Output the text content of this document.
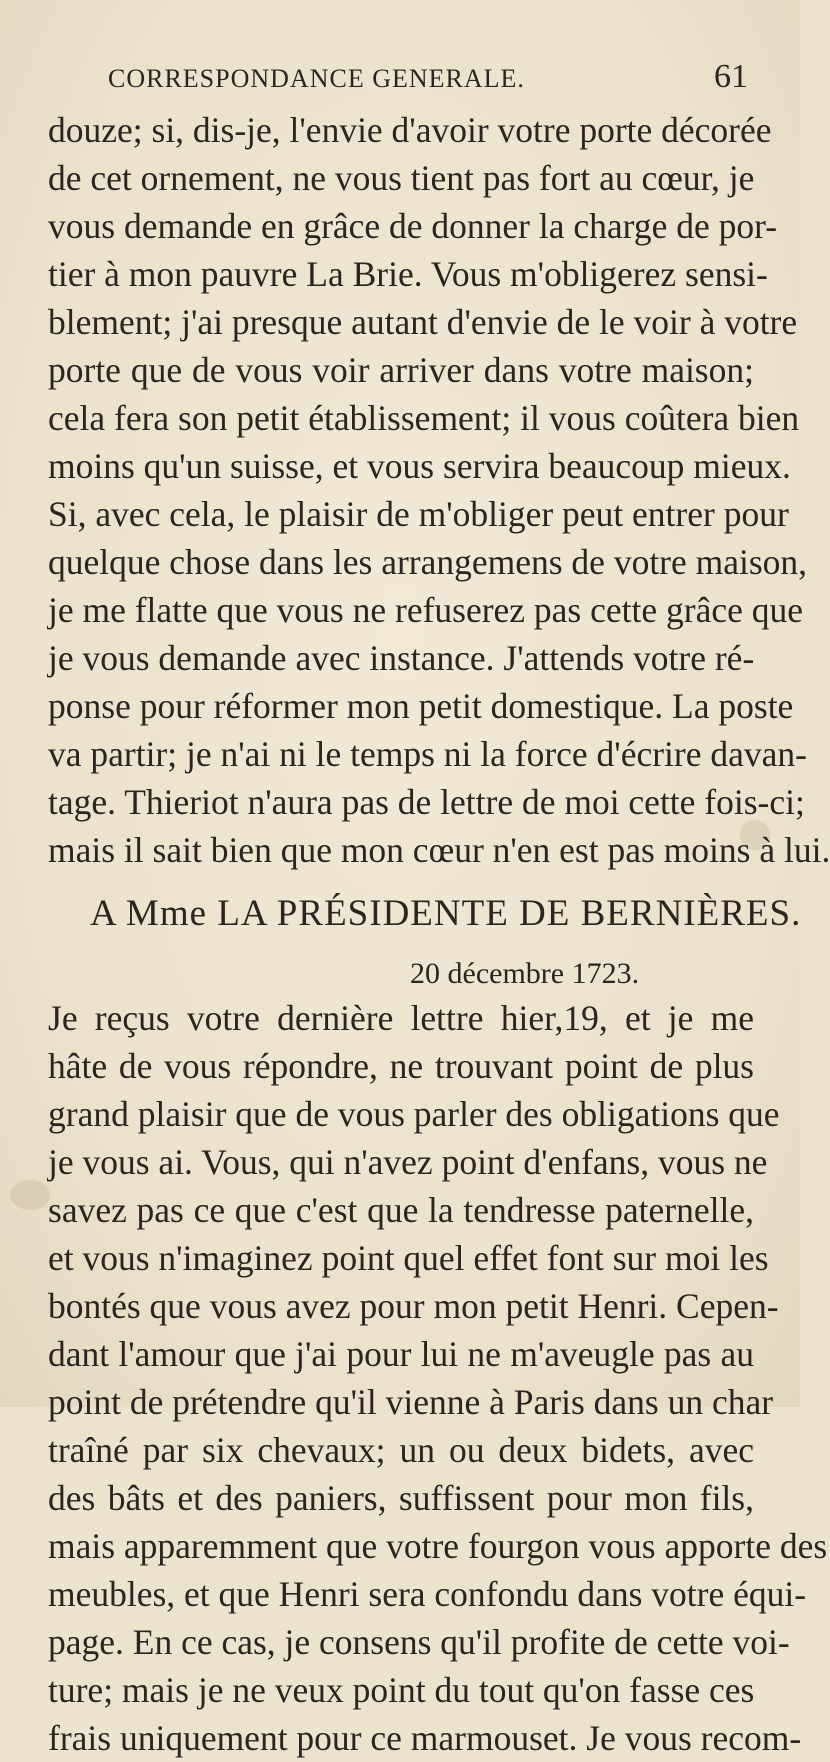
CORRESPONDANCE GENERALE.	61
douze; si, dis-je, l'envie d'avoir votre porte décorée
de cet ornement, ne vous tient pas fort au cœur, je
vous demande en grâce de donner la charge de por-
tier à mon pauvre La Brie. Vous m'obligerez sensi-
blement; j'ai presque autant d'envie de le voir à votre
porte que de vous voir arriver dans votre maison;
cela fera son petit établissement; il vous coûtera bien
moins qu'un suisse, et vous servira beaucoup mieux.
Si, avec cela, le plaisir de m'obliger peut entrer pour
quelque chose dans les arrangemens de votre maison,
je me flatte que vous ne refuserez pas cette grâce que
je vous demande avec instance. J'attends votre ré-
ponse pour réformer mon petit domestique. La poste
va partir; je n'ai ni le temps ni la force d'écrire davan-
tage. Thieriot n'aura pas de lettre de moi cette fois-ci;
mais il sait bien que mon cœur n'en est pas moins à lui.
A Mme LA PRÉSIDENTE DE BERNIÈRES.
20 décembre 1723.
Je reçus votre dernière lettre hier,19, et je me
hâte de vous répondre, ne trouvant point de plus
grand plaisir que de vous parler des obligations que
je vous ai. Vous, qui n'avez point d'enfans, vous ne
savez pas ce que c'est que la tendresse paternelle,
et vous n'imaginez point quel effet font sur moi les
bontés que vous avez pour mon petit Henri. Cepen-
dant l'amour que j'ai pour lui ne m'aveugle pas au
point de prétendre qu'il vienne à Paris dans un char
traîné par six chevaux; un ou deux bidets, avec
des bâts et des paniers, suffissent pour mon fils,
mais apparemment que votre fourgon vous apporte des
meubles, et que Henri sera confondu dans votre équi-
page. En ce cas, je consens qu'il profite de cette voi-
ture; mais je ne veux point du tout qu'on fasse ces
frais uniquement pour ce marmouset. Je vous recom-
